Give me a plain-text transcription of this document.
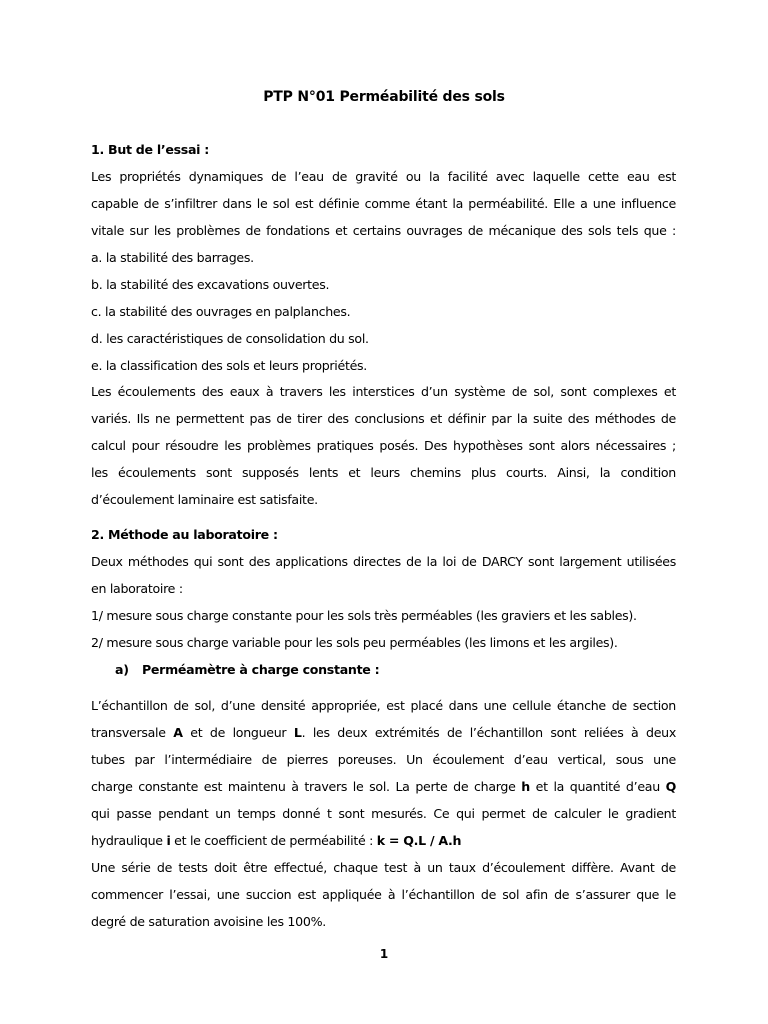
PTP N°01 Perméabilité des sols
1. But de l’essai :
Les propriétés dynamiques de l’eau de gravité ou la facilité avec laquelle cette eau est
capable de s’infiltrer dans le sol est définie comme étant la perméabilité. Elle a une influence
vitale sur les problèmes de fondations et certains ouvrages de mécanique des sols tels que :
a. la stabilité des barrages.
b. la stabilité des excavations ouvertes.
c. la stabilité des ouvrages en palplanches.
d. les caractéristiques de consolidation du sol.
e. la classification des sols et leurs propriétés.
Les écoulements des eaux à travers les interstices d’un système de sol, sont complexes et
variés. Ils ne permettent pas de tirer des conclusions et définir par la suite des méthodes de
calcul pour résoudre les problèmes pratiques posés. Des hypothèses sont alors nécessaires ;
les écoulements sont supposés lents et leurs chemins plus courts. Ainsi, la condition
d’écoulement laminaire est satisfaite.
2. Méthode au laboratoire :
Deux méthodes qui sont des applications directes de la loi de DARCY sont largement utilisées
en laboratoire :
1/ mesure sous charge constante pour les sols très perméables (les graviers et les sables).
2/ mesure sous charge variable pour les sols peu perméables (les limons et les argiles).
a) Perméamètre à charge constante :
L’échantillon de sol, d’une densité appropriée, est placé dans une cellule étanche de section
transversale A et de longueur L. les deux extrémités de l’échantillon sont reliées à deux
tubes par l’intermédiaire de pierres poreuses. Un écoulement d’eau vertical, sous une
charge constante est maintenu à travers le sol. La perte de charge h et la quantité d’eau Q
qui passe pendant un temps donné t sont mesurés. Ce qui permet de calculer le gradient
hydraulique i et le coefficient de perméabilité : k = Q.L / A.h
Une série de tests doit être effectué, chaque test à un taux d’écoulement diffère. Avant de
commencer l’essai, une succion est appliquée à l’échantillon de sol afin de s’assurer que le
degré de saturation avoisine les 100%.
1
